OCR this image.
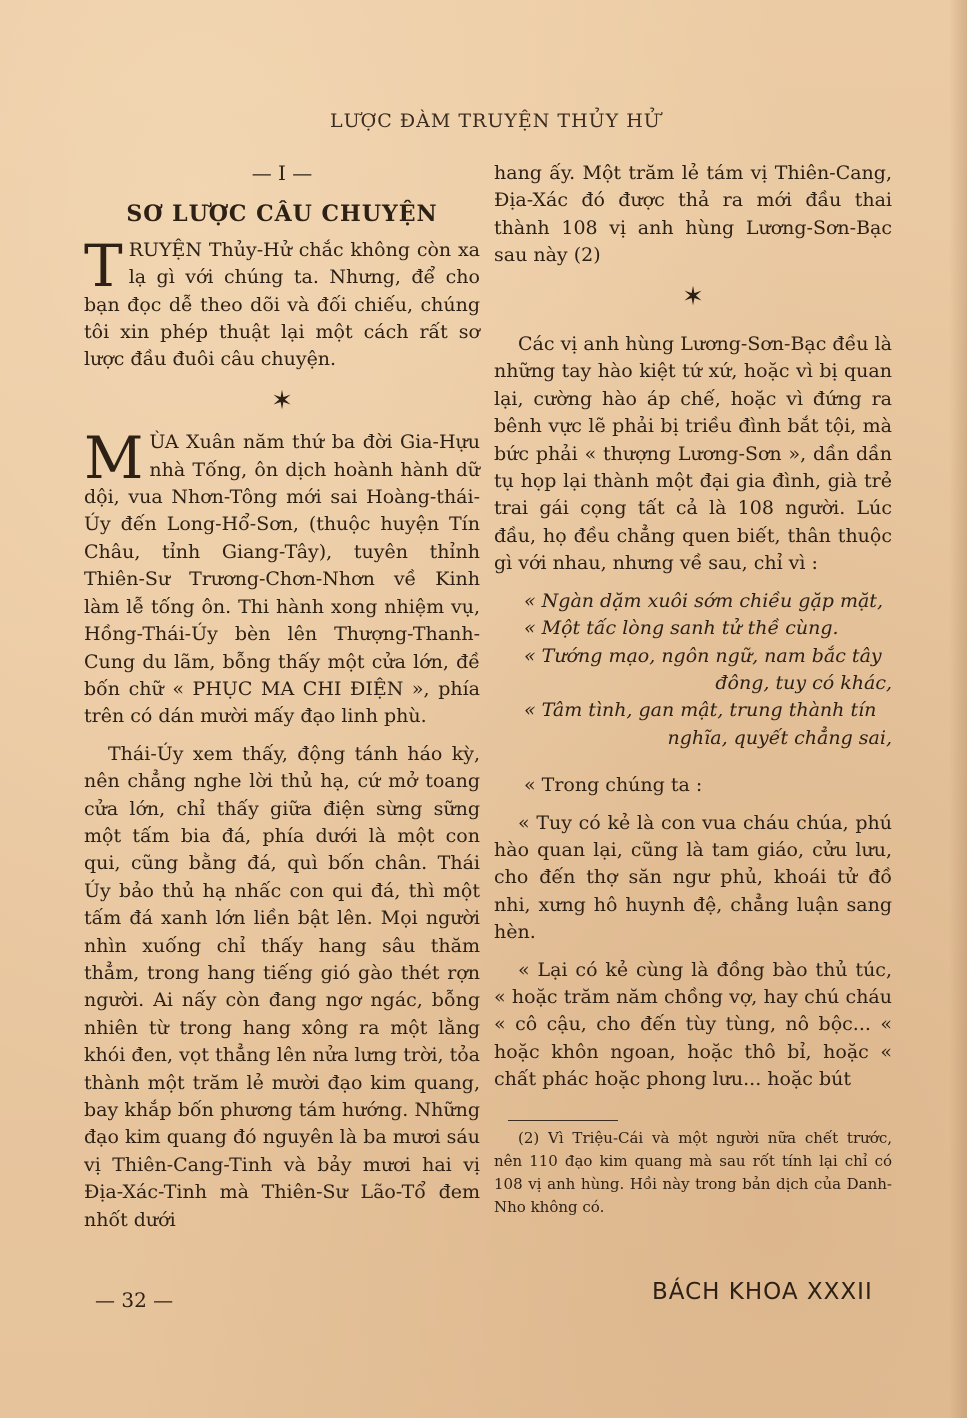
LƯỢC ĐÀM TRUYỆN THỦY HỬ
— I —
SƠ LƯỢC CÂU CHUYỆN

TRUYỆN Thủy-Hử chắc không còn xa lạ gì với chúng ta. Nhưng, để cho bạn đọc dễ theo dõi và đối chiếu, chúng tôi xin phép thuật lại một cách rất sơ lược đầu đuôi câu chuyện.

✶

MÙA Xuân năm thứ ba đời Gia-Hựu nhà Tống, ôn dịch hoành hành dữ dội, vua Nhơn-Tông mới sai Hoàng-thái-Úy đến Long-Hổ-Sơn, (thuộc huyện Tín Châu, tỉnh Giang-Tây), tuyên thỉnh Thiên-Sư Trương-Chơn-Nhơn về Kinh làm lễ tống ôn. Thi hành xong nhiệm vụ, Hồng-Thái-Úy bèn lên Thượng-Thanh-Cung du lãm, bỗng thấy một cửa lớn, đề bốn chữ « PHỤC MA CHI ĐIỆN », phía trên có dán mười mấy đạo linh phù.

Thái-Úy xem thấy, động tánh háo kỳ, nên chẳng nghe lời thủ hạ, cứ mở toang cửa lớn, chỉ thấy giữa điện sừng sững một tấm bia đá, phía dưới là một con qui, cũng bằng đá, quì bốn chân. Thái Úy bảo thủ hạ nhấc con qui đá, thì một tấm đá xanh lớn liền bật lên. Mọi người nhìn xuống chỉ thấy hang sâu thăm thẳm, trong hang tiếng gió gào thét rợn người. Ai nấy còn đang ngơ ngác, bỗng nhiên từ trong hang xông ra một lằng khói đen, vọt thẳng lên nửa lưng trời, tỏa thành một trăm lẻ mười đạo kim quang, bay khắp bốn phương tám hướng. Những đạo kim quang đó nguyên là ba mươi sáu vị Thiên-Cang-Tinh và bảy mươi hai vị Địa-Xác-Tinh mà Thiên-Sư Lão-Tổ đem nhốt dưới

hang ấy. Một trăm lẻ tám vị Thiên-Cang, Địa-Xác đó được thả ra mới đầu thai thành 108 vị anh hùng Lương-Sơn-Bạc sau này (2)

✶

Các vị anh hùng Lương-Sơn-Bạc đều là những tay hào kiệt tứ xứ, hoặc vì bị quan lại, cường hào áp chế, hoặc vì đứng ra bênh vực lẽ phải bị triều đình bắt tội, mà bức phải « thượng Lương-Sơn », dần dần tụ họp lại thành một đại gia đình, già trẻ trai gái cọng tất cả là 108 người. Lúc đầu, họ đều chẳng quen biết, thân thuộc gì với nhau, nhưng về sau, chỉ vì :

« Ngàn dặm xuôi sớm chiều gặp mặt,

« Một tấc lòng sanh tử thề cùng.

« Tướng mạo, ngôn ngữ, nam bắc tây

đông, tuy có khác,

« Tâm tình, gan mật, trung thành tín

nghĩa, quyết chẳng sai,

« Trong chúng ta :

« Tuy có kẻ là con vua cháu chúa, phú hào quan lại, cũng là tam giáo, cửu lưu, cho đến thợ săn ngư phủ, khoái tử đồ nhi, xưng hô huynh đệ, chẳng luận sang hèn.

« Lại có kẻ cùng là đồng bào thủ túc, « hoặc trăm năm chồng vợ, hay chú cháu « cô cậu, cho đến tùy tùng, nô bộc... « hoặc khôn ngoan, hoặc thô bỉ, hoặc « chất phác hoặc phong lưu... hoặc bút

(2) Vì Triệu-Cái và một người nữa chết trước, nên 110 đạo kim quang mà sau rốt tính lại chỉ có 108 vị anh hùng. Hồi này trong bản dịch của Danh-Nho không có.

— 32 —	BÁCH KHOA XXXII
